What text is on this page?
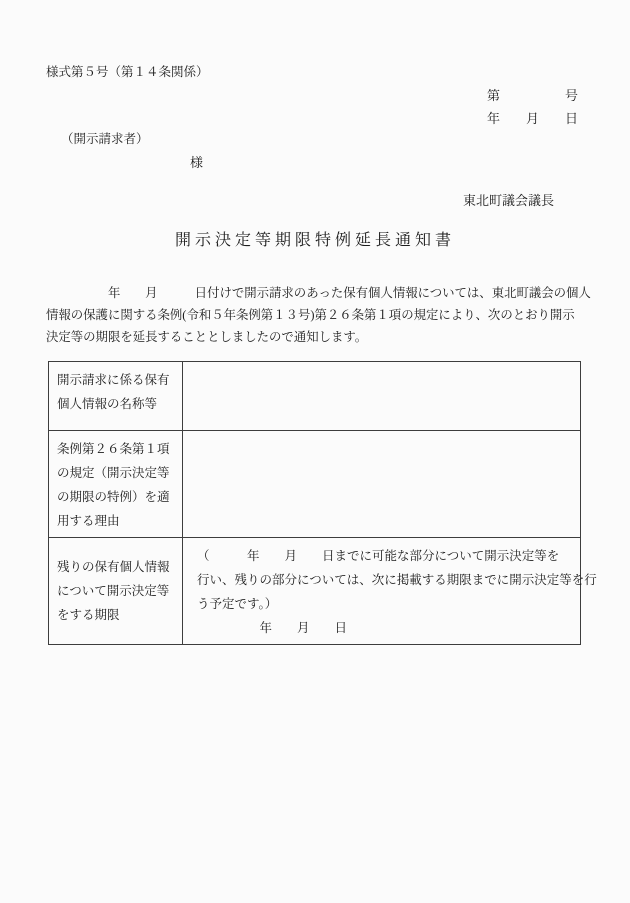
様式第５号（第１４条関係）
第　　　　　号
年　　月　　日
（開示請求者）
様
東北町議会議長
開示決定等期限特例延長通知書
　　　　　年　　月　　　日付けで開示請求のあった保有個人情報については、東北町議会の個人
情報の保護に関する条例(令和５年条例第１３号)第２６条第１項の規定により、次のとおり開示
決定等の期限を延長することとしましたので通知します。
開示請求に係る保有個人情報の名称等	
条例第２６条第１項の規定（開示決定等の期限の特例）を適用する理由	
残りの保有個人情報について開示決定等をする期限	（　　　年　　月　　日までに可能な部分について開示決定等を
行い、残りの部分については、次に掲載する期限までに開示決定等を行
う予定です。）
　　　　　年　　月　　日
